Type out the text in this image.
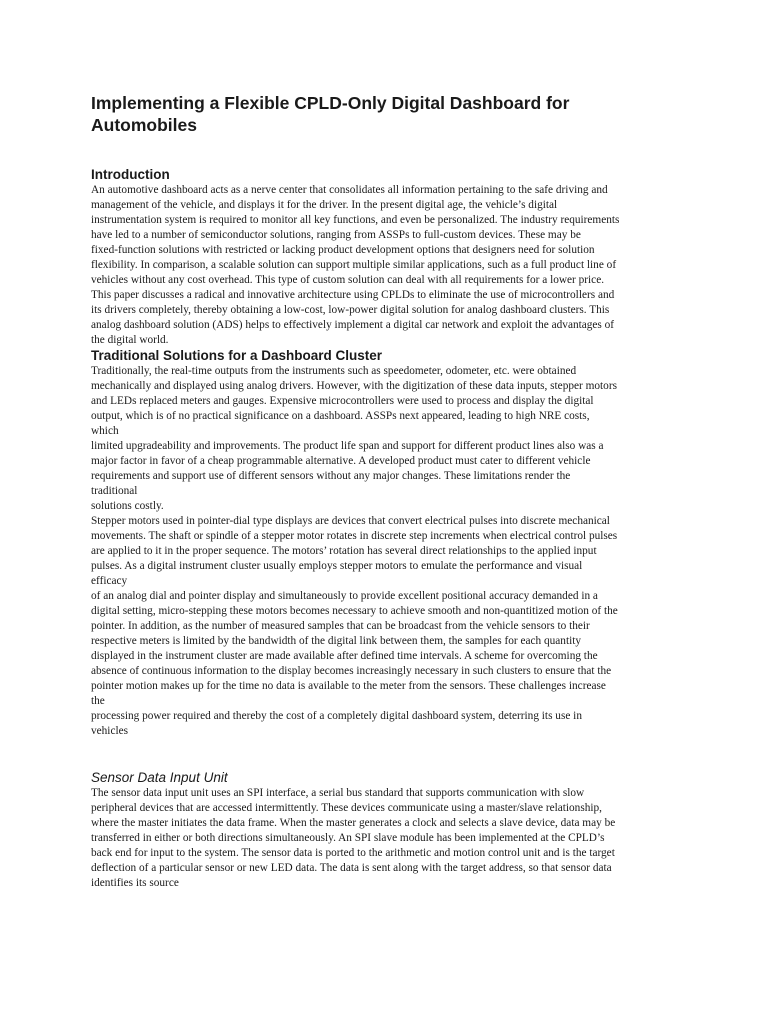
Implementing a Flexible CPLD-Only Digital Dashboard for
Automobiles
Introduction
An automotive dashboard acts as a nerve center that consolidates all information pertaining to the safe driving and
management of the vehicle, and displays it for the driver. In the present digital age, the vehicle’s digital
instrumentation system is required to monitor all key functions, and even be personalized. The industry requirements
have led to a number of semiconductor solutions, ranging from ASSPs to full-custom devices. These may be
fixed-function solutions with restricted or lacking product development options that designers need for solution
flexibility. In comparison, a scalable solution can support multiple similar applications, such as a full product line of
vehicles without any cost overhead. This type of custom solution can deal with all requirements for a lower price.
This paper discusses a radical and innovative architecture using CPLDs to eliminate the use of microcontrollers and
its drivers completely, thereby obtaining a low-cost, low-power digital solution for analog dashboard clusters. This
analog dashboard solution (ADS) helps to effectively implement a digital car network and exploit the advantages of
the digital world.
Traditional Solutions for a Dashboard Cluster
Traditionally, the real-time outputs from the instruments such as speedometer, odometer, etc. were obtained
mechanically and displayed using analog drivers. However, with the digitization of these data inputs, stepper motors
and LEDs replaced meters and gauges. Expensive microcontrollers were used to process and display the digital
output, which is of no practical significance on a dashboard. ASSPs next appeared, leading to high NRE costs,
which
limited upgradeability and improvements. The product life span and support for different product lines also was a
major factor in favor of a cheap programmable alternative. A developed product must cater to different vehicle
requirements and support use of different sensors without any major changes. These limitations render the
traditional
solutions costly.
Stepper motors used in pointer-dial type displays are devices that convert electrical pulses into discrete mechanical
movements. The shaft or spindle of a stepper motor rotates in discrete step increments when electrical control pulses
are applied to it in the proper sequence. The motors’ rotation has several direct relationships to the applied input
pulses. As a digital instrument cluster usually employs stepper motors to emulate the performance and visual
efficacy
of an analog dial and pointer display and simultaneously to provide excellent positional accuracy demanded in a
digital setting, micro-stepping these motors becomes necessary to achieve smooth and non-quantitized motion of the
pointer. In addition, as the number of measured samples that can be broadcast from the vehicle sensors to their
respective meters is limited by the bandwidth of the digital link between them, the samples for each quantity
displayed in the instrument cluster are made available after defined time intervals. A scheme for overcoming the
absence of continuous information to the display becomes increasingly necessary in such clusters to ensure that the
pointer motion makes up for the time no data is available to the meter from the sensors. These challenges increase
the
processing power required and thereby the cost of a completely digital dashboard system, deterring its use in
vehicles
Sensor Data Input Unit
The sensor data input unit uses an SPI interface, a serial bus standard that supports communication with slow
peripheral devices that are accessed intermittently. These devices communicate using a master/slave relationship,
where the master initiates the data frame. When the master generates a clock and selects a slave device, data may be
transferred in either or both directions simultaneously. An SPI slave module has been implemented at the CPLD’s
back end for input to the system. The sensor data is ported to the arithmetic and motion control unit and is the target
deflection of a particular sensor or new LED data. The data is sent along with the target address, so that sensor data
identifies its source
